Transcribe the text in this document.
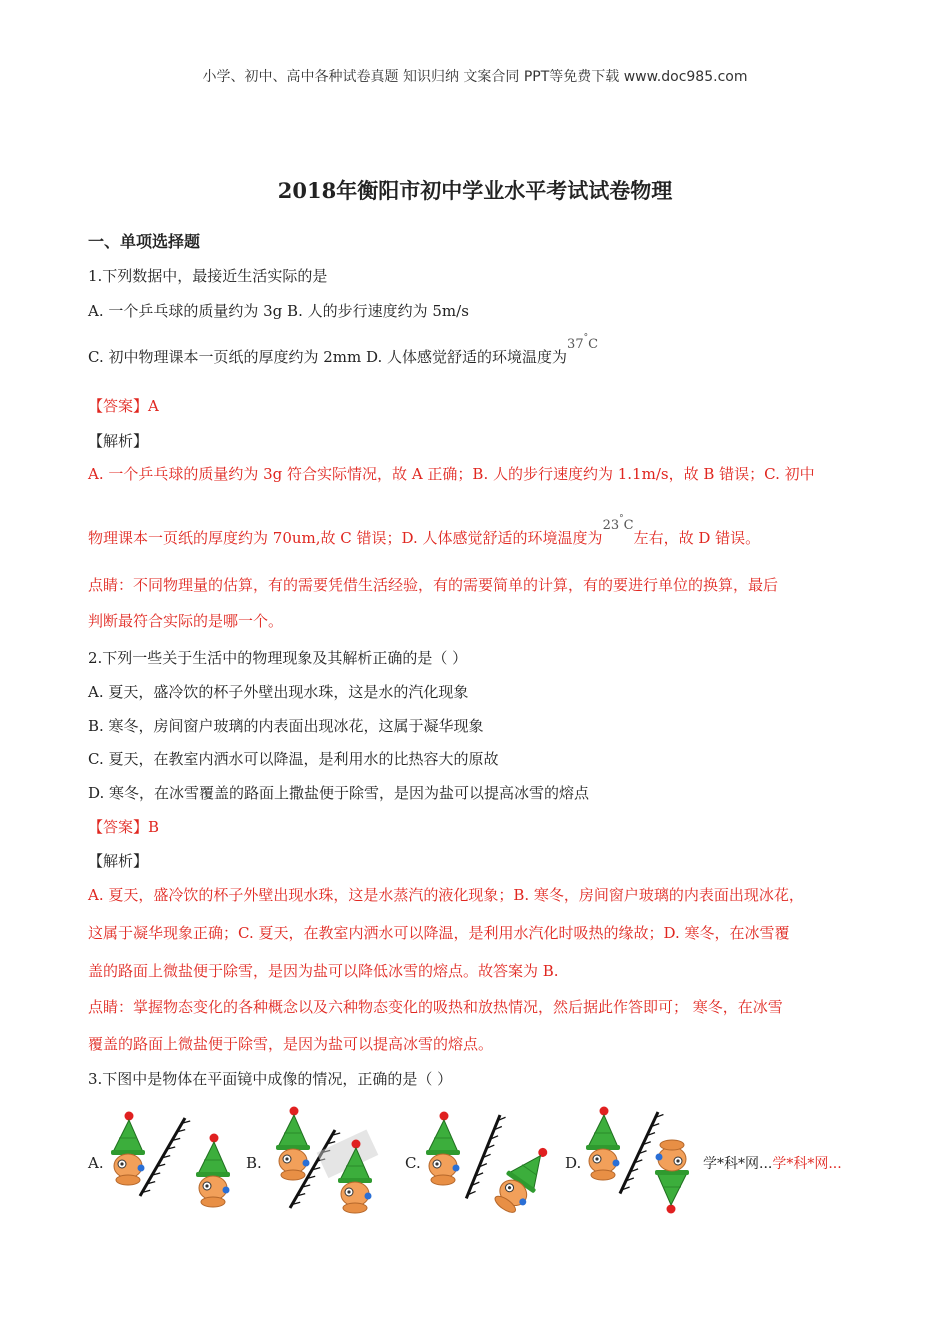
小学、初中、高中各种试卷真题 知识归纳 文案合同 PPT等免费下载 www.doc985.com
2018年衡阳市初中学业水平考试试卷物理
一、单项选择题
1.下列数据中，最接近生活实际的是
A. 一个乒乓球的质量约为 3g B. 人的步行速度约为 5m/s
C. 初中物理课本一页纸的厚度约为 2mm D. 人体感觉舒适的环境温度为37°C
【答案】A
【解析】
A. 一个乒乓球的质量约为 3g 符合实际情况，故 A 正确；B. 人的步行速度约为 1.1m/s，故 B 错误；C. 初中
物理课本一页纸的厚度约为 70um,故 C 错误；D. 人体感觉舒适的环境温度为23°C左右，故 D 错误。
点睛：不同物理量的估算，有的需要凭借生活经验，有的需要简单的计算，有的要进行单位的换算，最后
判断最符合实际的是哪一个。
2.下列一些关于生活中的物理现象及其解析正确的是（ ）
A. 夏天，盛冷饮的杯子外壁出现水珠，这是水的汽化现象
B. 寒冬，房间窗户玻璃的内表面出现冰花，这属于凝华现象
C. 夏天，在教室内洒水可以降温，是利用水的比热容大的原故
D. 寒冬，在冰雪覆盖的路面上撒盐便于除雪，是因为盐可以提高冰雪的熔点
【答案】B
【解析】
A. 夏天，盛冷饮的杯子外壁出现水珠，这是水蒸汽的液化现象；B. 寒冬，房间窗户玻璃的内表面出现冰花，
这属于凝华现象正确；C. 夏天，在教室内洒水可以降温，是利用水汽化时吸热的缘故；D. 寒冬，在冰雪覆
盖的路面上微盐便于除雪，是因为盐可以降低冰雪的熔点。故答案为 B.
点睛：掌握物态变化的各种概念以及六种物态变化的吸热和放热情况，然后据此作答即可； 寒冬，在冰雪
覆盖的路面上微盐便于除雪，是因为盐可以提高冰雪的熔点。
3.下图中是物体在平面镜中成像的情况，正确的是（ ）
A.	B.	C.	D.	学*科*网...学*科*网...
